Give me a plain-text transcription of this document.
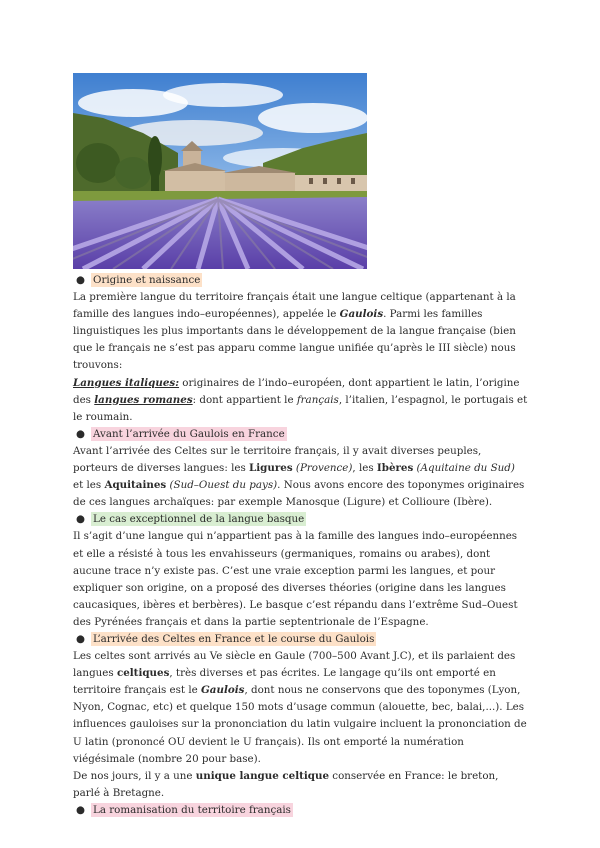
● Origine et naissance

La première langue du territoire français était une langue celtique (appartenant à la famille des langues indo–européennes), appelée le Gaulois. Parmi les familles linguistiques les plus importants dans le développement de la langue française (bien que le français ne s’est pas apparu comme langue unifiée qu’après le III siècle) nous trouvons:

Langues italiques: originaires de l’indo–européen, dont appartient le latin, l’origine des langues romanes: dont appartient le français, l’italien, l’espagnol, le portugais et le roumain.

● Avant l’arrivée du Gaulois en France

Avant l’arrivée des Celtes sur le territoire français, il y avait diverses peuples, porteurs de diverses langues: les Ligures (Provence), les Ibères (Aquitaine du Sud) et les Aquitaines (Sud–Ouest du pays). Nous avons encore des toponymes originaires de ces langues archaïques: par exemple Manosque (Ligure) et Collioure (Ibère).

● Le cas exceptionnel de la langue basque

Il s’agit d’une langue qui n’appartient pas à la famille des langues indo–européennes et elle a résisté à tous les envahisseurs (germaniques, romains ou arabes), dont aucune trace n’y existe pas. C’est une vraie exception parmi les langues, et pour expliquer son origine, on a proposé des diverses théories (origine dans les langues caucasiques, ibères et berbères). Le basque c’est répandu dans l’extrême Sud–Ouest des Pyrénées français et dans la partie septentrionale de l’Espagne.

● L’arrivée des Celtes en France et le course du Gaulois

Les celtes sont arrivés au Ve siècle en Gaule (700–500 Avant J.C), et ils parlaient des langues celtiques, très diverses et pas écrites. Le langage qu’ils ont emporté en territoire français est le Gaulois, dont nous ne conservons que des toponymes (Lyon, Nyon, Cognac, etc) et quelque 150 mots d’usage commun (alouette, bec, balai,...). Les influences gauloises sur la prononciation du latin vulgaire incluent la prononciation de U latin (prononcé OU devient le U français). Ils ont emporté la numération viégésimale (nombre 20 pour base).

De nos jours, il y a une unique langue celtique conservée en France: le breton, parlé à Bretagne.

● La romanisation du territoire français
